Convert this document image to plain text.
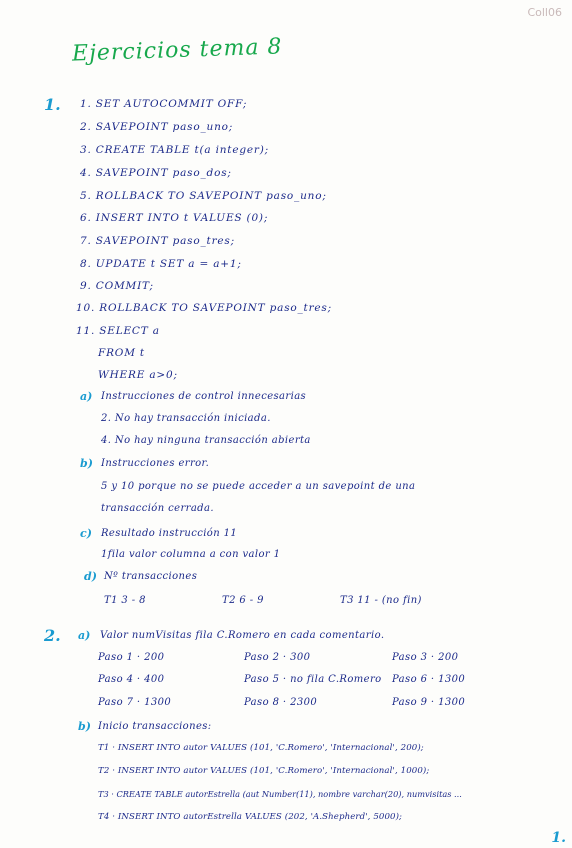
Coll06
Ejercicios tema 8
1. 1. SET AUTOCOMMIT OFF;
2. SAVEPOINT paso_uno;
3. CREATE TABLE t(a integer);
4. SAVEPOINT paso_dos;
5. ROLLBACK TO SAVEPOINT paso_uno;
6. INSERT INTO t VALUES (0);
7. SAVEPOINT paso_tres;
8. UPDATE t SET a = a+1;
9. COMMIT;
10. ROLLBACK TO SAVEPOINT paso_tres;
11. SELECT a
FROM t
WHERE a>0;
a) Instrucciones de control innecesarias
2. No hay transacción iniciada.
4. No hay ninguna transacción abierta
b) Instrucciones error.
5 y 10 porque no se puede acceder a un savepoint de una
transacción cerrada.
c) Resultado instrucción 11
1fila valor columna a con valor 1
d) Nº transacciones
T1 3 - 8	T2 6 - 9	T3 11 - (no fin)
2. a) Valor numVisitas fila C.Romero en cada comentario.
Paso 1 · 200	Paso 2 · 300	Paso 3 · 200
Paso 4 · 400	Paso 5 · no fila C.Romero Paso 6 · 1300
Paso 7 · 1300	Paso 8 · 2300	Paso 9 · 1300
b) Inicio transacciones:
T1 · INSERT INTO autor VALUES (101, 'C.Romero', 'Internacional', 200);
T2 · INSERT INTO autor VALUES (101, 'C.Romero', 'Internacional', 1000);
T3 · CREATE TABLE autorEstrella (aut Number(11), nombre varchar(20), numvisitas ...
T4 · INSERT INTO autorEstrella VALUES (202, 'A.Shepherd', 5000);
1.
